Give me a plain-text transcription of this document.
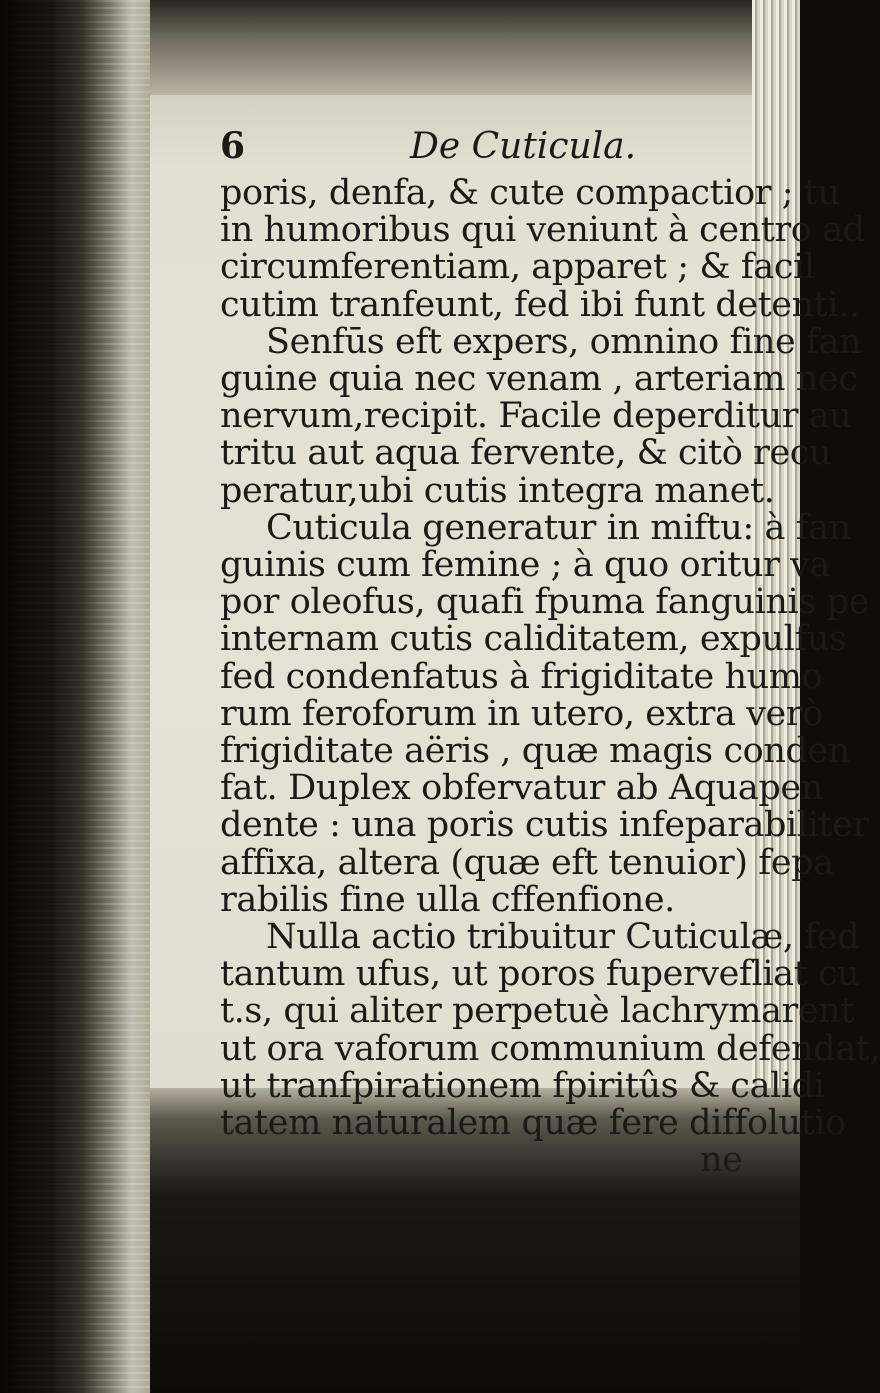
6	De Cuticula.
poris, denfa, & cute compactior ; tu
in humoribus qui veniunt à centro ad
circumferentiam, apparet ; & facil
cutim tranfeunt, fed ibi funt detenti..
Senfūs eft expers, omnino fine fan
guine quia nec venam , arteriam nec
nervum,recipit. Facile deperditur au
tritu aut aqua fervente, & citò recu
peratur,ubi cutis integra manet.
Cuticula generatur in miftu: à fan
guinis cum femine ; à quo oritur va
por oleofus, quafi fpuma fanguinis pe
internam cutis caliditatem, expulfus
fed condenfatus à frigiditate humo
rum feroforum in utero, extra verò
frigiditate aëris , quæ magis conden
fat. Duplex obfervatur ab Aquapen
dente : una poris cutis infeparabiliter
affixa, altera (quæ eft tenuior) fepa
rabilis fine ulla cffenfione.
Nulla actio tribuitur Cuticulæ, fed
tantum ufus, ut poros fupervefliat cu
t.s, qui aliter perpetuè lachrymarent
ut ora vaforum communium defendat,
ut tranfpirationem fpiritûs & calidi
tatem naturalem quæ fere diffolutio
ne
